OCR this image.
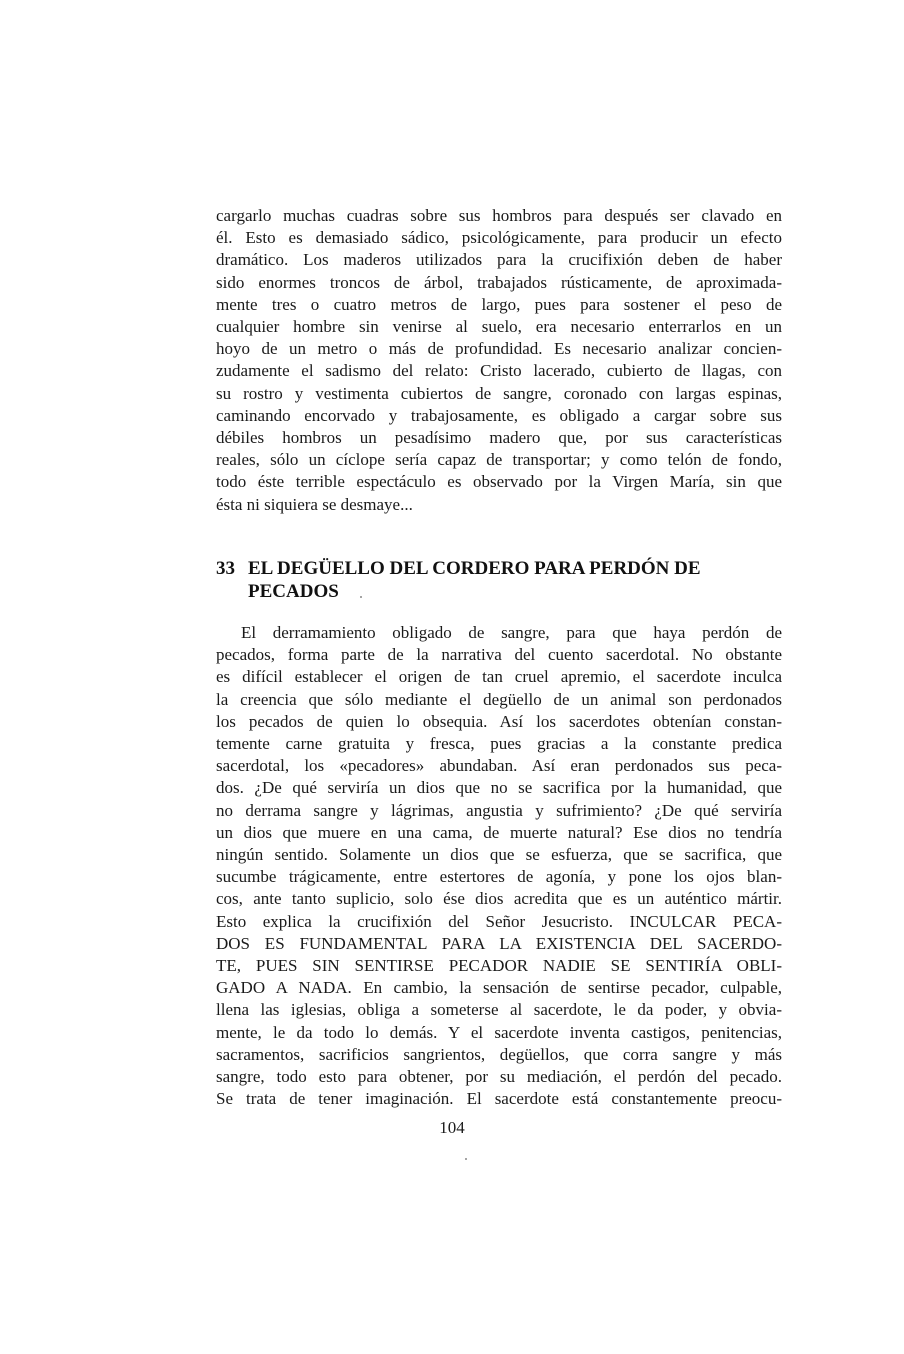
cargarlo muchas cuadras sobre sus hombros para después ser clavado en
él. Esto es demasiado sádico, psicológicamente, para producir un efecto
dramático. Los maderos utilizados para la crucifixión deben de haber
sido enormes troncos de árbol, trabajados rústicamente, de aproximada-
mente tres o cuatro metros de largo, pues para sostener el peso de
cualquier hombre sin venirse al suelo, era necesario enterrarlos en un
hoyo de un metro o más de profundidad. Es necesario analizar concien-
zudamente el sadismo del relato: Cristo lacerado, cubierto de llagas, con
su rostro y vestimenta cubiertos de sangre, coronado con largas espinas,
caminando encorvado y trabajosamente, es obligado a cargar sobre sus
débiles hombros un pesadísimo madero que, por sus características
reales, sólo un cíclope sería capaz de transportar; y como telón de fondo,
todo éste terrible espectáculo es observado por la Virgen María, sin que
ésta ni siquiera se desmaye...
33 EL DEGÜELLO DEL CORDERO PARA PERDÓN DE
PECADOS
El derramamiento obligado de sangre, para que haya perdón de
pecados, forma parte de la narrativa del cuento sacerdotal. No obstante
es difícil establecer el origen de tan cruel apremio, el sacerdote inculca
la creencia que sólo mediante el degüello de un animal son perdonados
los pecados de quien lo obsequia. Así los sacerdotes obtenían constan-
temente carne gratuita y fresca, pues gracias a la constante predica
sacerdotal, los «pecadores» abundaban. Así eran perdonados sus peca-
dos. ¿De qué serviría un dios que no se sacrifica por la humanidad, que
no derrama sangre y lágrimas, angustia y sufrimiento? ¿De qué serviría
un dios que muere en una cama, de muerte natural? Ese dios no tendría
ningún sentido. Solamente un dios que se esfuerza, que se sacrifica, que
sucumbe trágicamente, entre estertores de agonía, y pone los ojos blan-
cos, ante tanto suplicio, solo ése dios acredita que es un auténtico mártir.
Esto explica la crucifixión del Señor Jesucristo. INCULCAR PECA-
DOS ES FUNDAMENTAL PARA LA EXISTENCIA DEL SACERDO-
TE, PUES SIN SENTIRSE PECADOR NADIE SE SENTIRÍA OBLI-
GADO A NADA. En cambio, la sensación de sentirse pecador, culpable,
llena las iglesias, obliga a someterse al sacerdote, le da poder, y obvia-
mente, le da todo lo demás. Y el sacerdote inventa castigos, penitencias,
sacramentos, sacrificios sangrientos, degüellos, que corra sangre y más
sangre, todo esto para obtener, por su mediación, el perdón del pecado.
Se trata de tener imaginación. El sacerdote está constantemente preocu-
104
